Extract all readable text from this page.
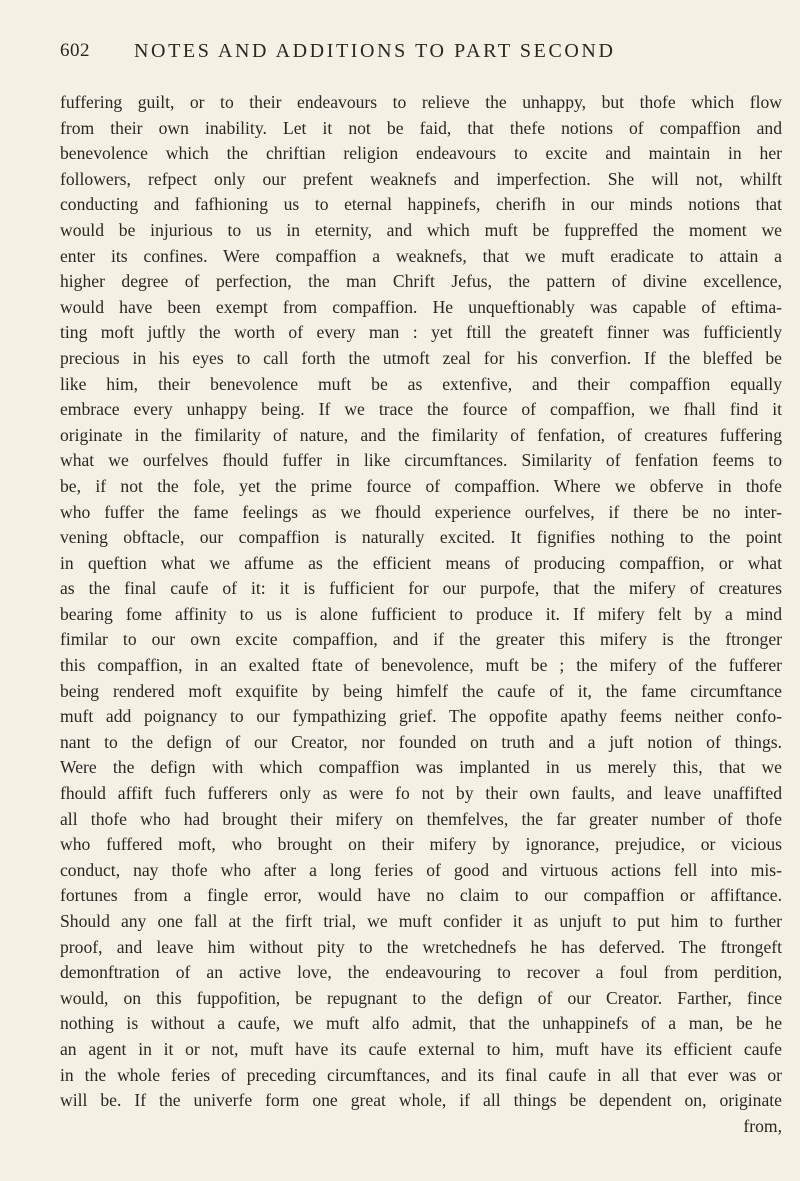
602 NOTES AND ADDITIONS TO PART SECOND
fuffering guilt, or to their endeavours to relieve the unhappy, but thofe which flow
from their own inability. Let it not be faid, that thefe notions of compaffion and
benevolence which the chriftian religion endeavours to excite and maintain in her
followers, refpect only our prefent weaknefs and imperfection. She will not, whilft
conducting and fafhioning us to eternal happinefs, cherifh in our minds notions that
would be injurious to us in eternity, and which muft be fuppreffed the moment we
enter its confines. Were compaffion a weaknefs, that we muft eradicate to attain a
higher degree of perfection, the man Chrift Jefus, the pattern of divine excellence,
would have been exempt from compaffion. He unqueftionably was capable of eftima-
ting moft juftly the worth of every man : yet ftill the greateft finner was fufficiently
precious in his eyes to call forth the utmoft zeal for his converfion. If the bleffed be
like him, their benevolence muft be as extenfive, and their compaffion equally
embrace every unhappy being. If we trace the fource of compaffion, we fhall find it
originate in the fimilarity of nature, and the fimilarity of fenfation, of creatures fuffering
what we ourfelves fhould fuffer in like circumftances. Similarity of fenfation feems to
be, if not the fole, yet the prime fource of compaffion. Where we obferve in thofe
who fuffer the fame feelings as we fhould experience ourfelves, if there be no inter-
vening obftacle, our compaffion is naturally excited. It fignifies nothing to the point
in queftion what we affume as the efficient means of producing compaffion, or what
as the final caufe of it: it is fufficient for our purpofe, that the mifery of creatures
bearing fome affinity to us is alone fufficient to produce it. If mifery felt by a mind
fimilar to our own excite compaffion, and if the greater this mifery is the ftronger
this compaffion, in an exalted ftate of benevolence, muft be ; the mifery of the fufferer
being rendered moft exquifite by being himfelf the caufe of it, the fame circumftance
muft add poignancy to our fympathizing grief. The oppofite apathy feems neither confo-
nant to the defign of our Creator, nor founded on truth and a juft notion of things.
Were the defign with which compaffion was implanted in us merely this, that we
fhould affift fuch fufferers only as were fo not by their own faults, and leave unaffifted
all thofe who had brought their mifery on themfelves, the far greater number of thofe
who fuffered moft, who brought on their mifery by ignorance, prejudice, or vicious
conduct, nay thofe who after a long feries of good and virtuous actions fell into mis-
fortunes from a fingle error, would have no claim to our compaffion or affiftance.
Should any one fall at the firft trial, we muft confider it as unjuft to put him to further
proof, and leave him without pity to the wretchednefs he has deferved. The ftrongeft
demonftration of an active love, the endeavouring to recover a foul from perdition,
would, on this fuppofition, be repugnant to the defign of our Creator. Farther, fince
nothing is without a caufe, we muft alfo admit, that the unhappinefs of a man, be he
an agent in it or not, muft have its caufe external to him, muft have its efficient caufe
in the whole feries of preceding circumftances, and its final caufe in all that ever was or
will be. If the univerfe form one great whole, if all things be dependent on, originate
from,
